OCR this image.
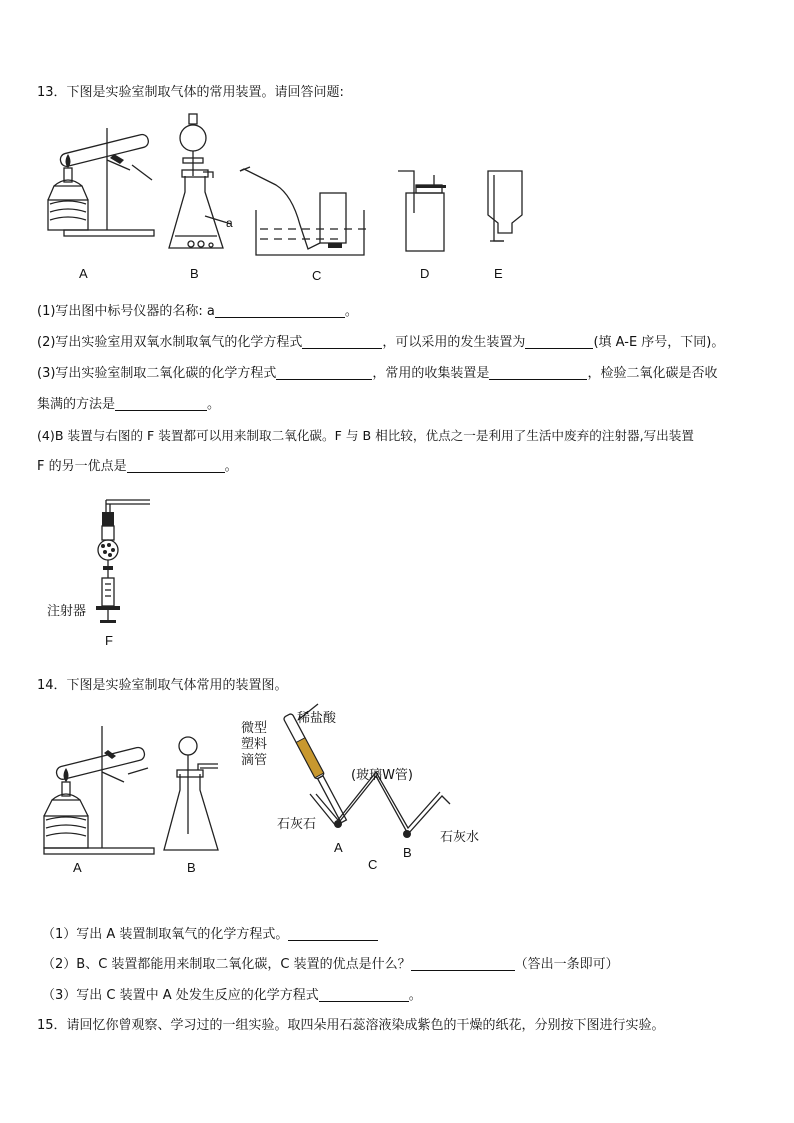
13．下图是实验室制取气体的常用装置。请回答问题:
A
a
B	C	D	E
(1)写出图中标号仪器的名称: a	。
(2)写出实验室用双氧水制取氧气的化学方程式	，可以采用的发生装置为	(填 A-E 序号，下同)。
(3)写出实验室制取二氧化碳的化学方程式	，常用的收集装置是	，检验二氧化碳是否收
集满的方法是	。
(4)B 装置与右图的 F 装置都可以用来制取二氧化碳。F 与 B 相比较，优点之一是利用了生活中废弃的注射器,写出装置
F 的另一优点是	。
注射器
F
14．下图是实验室制取气体常用的装置图。
A	B
微型
塑料
滴管
稀盐酸
(玻璃W管)
石灰石
石灰水
A	B
C
（1）写出 A 装置制取氧气的化学方程式。
（2）B、C 装置都能用来制取二氧化碳，C 装置的优点是什么？	（答出一条即可）
（3）写出 C 装置中 A 处发生反应的化学方程式	。
15．请回忆你曾观察、学习过的一组实验。取四朵用石蕊溶液染成紫色的干燥的纸花，分别按下图进行实验。
